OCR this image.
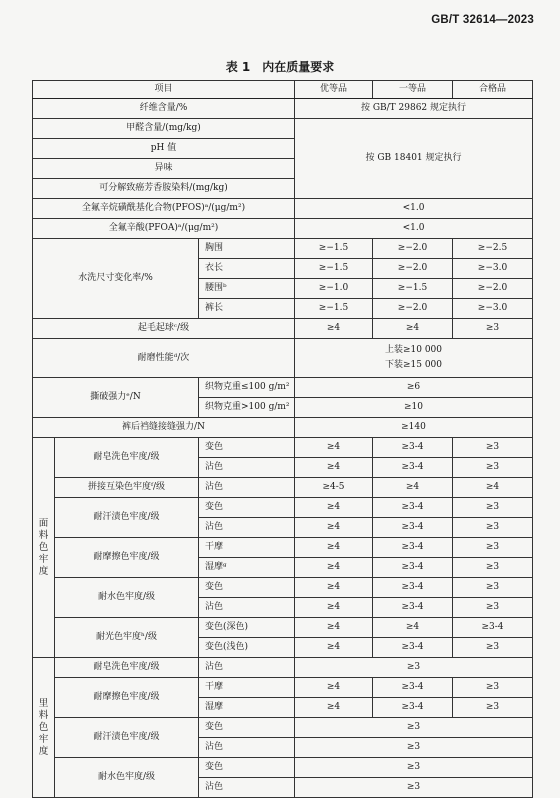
GB/T 32614—2023
表 1　内在质量要求
项目			优等品	一等品	合格品
纤维含量/%			按 GB/T 29862 规定执行		
甲醛含量/(mg/kg)			按 GB 18401 规定执行		
pH 值					
异味					
可分解致癌芳香胺染料/(mg/kg)					
全氟辛烷磺酰基化合物(PFOS)ᵃ/(μg/m²)			<1.0		
全氟辛酸(PFOA)ᵃ/(μg/m²)			<1.0		
水洗尺寸变化率/%		胸围	≥−1.5	≥−2.0	≥−2.5
		衣长	≥−1.5	≥−2.0	≥−3.0
		腰围ᵇ	≥−1.0	≥−1.5	≥−2.0
		裤长	≥−1.5	≥−2.0	≥−3.0
起毛起球ᶜ/级			≥4	≥4	≥3
耐磨性能ᵈ/次			上装≥10 000
下装≥15 000		

撕破强力ᵉ/N		织物克重≤100 g/m²	≥6		
		织物克重>100 g/m²	≥10		
裤后裆缝接缝强力/N			≥140		

面料色牢度	耐皂洗色牢度/级	变色	≥4	≥3-4	≥3
		沾色	≥4	≥3-4	≥3
	拼接互染色牢度ᶠ/级	沾色	≥4-5	≥4	≥4
	耐汗渍色牢度/级	变色	≥4	≥3-4	≥3
		沾色	≥4	≥3-4	≥3
	耐摩擦色牢度/级	干摩	≥4	≥3-4	≥3
		湿摩ᵍ	≥4	≥3-4	≥3
	耐水色牢度/级	变色	≥4	≥3-4	≥3
		沾色	≥4	≥3-4	≥3
	耐光色牢度ʰ/级	变色(深色)	≥4	≥4	≥3-4
		变色(浅色)	≥4	≥3-4	≥3

里料色牢度	耐皂洗色牢度/级	沾色	≥3		
	耐摩擦色牢度/级	干摩	≥4	≥3-4	≥3
		湿摩	≥4	≥3-4	≥3
	耐汗渍色牢度/级	变色	≥3		
		沾色	≥3		
	耐水色牢度/级	变色	≥3		
		沾色	≥3		
